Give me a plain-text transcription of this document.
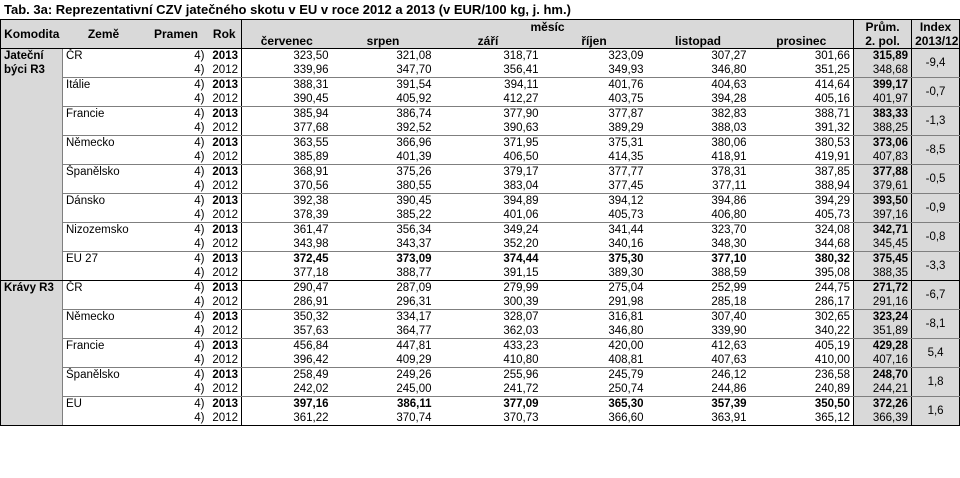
Tab. 3a: Reprezentativní CZV jatečného skotu v EU v roce 2012 a 2013 (v EUR/100 kg, j. hm.)
Komodita	Země	Pramen	Rok	měsíc						Prům.	Index
				červenec	srpen	září	říjen	listopad	prosinec	2. pol.	2013/12

Jateční
býci R3	ČR	4)	2013	323,50	321,08	318,71	323,09	307,27	301,66	315,89	-9,4
		4)	2012	339,96	347,70	356,41	349,93	346,80	351,25	348,68	
	Itálie	4)	2013	388,31	391,54	394,11	401,76	404,63	414,64	399,17	-0,7
		4)	2012	390,45	405,92	412,27	403,75	394,28	405,16	401,97	
	Francie	4)	2013	385,94	386,74	377,90	377,87	382,83	388,71	383,33	-1,3
		4)	2012	377,68	392,52	390,63	389,29	388,03	391,32	388,25	
	Německo	4)	2013	363,55	366,96	371,95	375,31	380,06	380,53	373,06	-8,5
		4)	2012	385,89	401,39	406,50	414,35	418,91	419,91	407,83	
	Španělsko	4)	2013	368,91	375,26	379,17	377,77	378,31	387,85	377,88	-0,5
		4)	2012	370,56	380,55	383,04	377,45	377,11	388,94	379,61	
	Dánsko	4)	2013	392,38	390,45	394,89	394,12	394,86	394,29	393,50	-0,9
		4)	2012	378,39	385,22	401,06	405,73	406,80	405,73	397,16	
	Nizozemsko	4)	2013	361,47	356,34	349,24	341,44	323,70	324,08	342,71	-0,8
		4)	2012	343,98	343,37	352,20	340,16	348,30	344,68	345,45	
	EU 27	4)	2013	372,45	373,09	374,44	375,30	377,10	380,32	375,45	-3,3
		4)	2012	377,18	388,77	391,15	389,30	388,59	395,08	388,35	

Krávy R3	ČR	4)	2013	290,47	287,09	279,99	275,04	252,99	244,75	271,72	-6,7
		4)	2012	286,91	296,31	300,39	291,98	285,18	286,17	291,16	
	Německo	4)	2013	350,32	334,17	328,07	316,81	307,40	302,65	323,24	-8,1
		4)	2012	357,63	364,77	362,03	346,80	339,90	340,22	351,89	
	Francie	4)	2013	456,84	447,81	433,23	420,00	412,63	405,19	429,28	5,4
		4)	2012	396,42	409,29	410,80	408,81	407,63	410,00	407,16	
	Španělsko	4)	2013	258,49	249,26	255,96	245,79	246,12	236,58	248,70	1,8
		4)	2012	242,02	245,00	241,72	250,74	244,86	240,89	244,21	
	EU	4)	2013	397,16	386,11	377,09	365,30	357,39	350,50	372,26	1,6
		4)	2012	361,22	370,74	370,73	366,60	363,91	365,12	366,39	
